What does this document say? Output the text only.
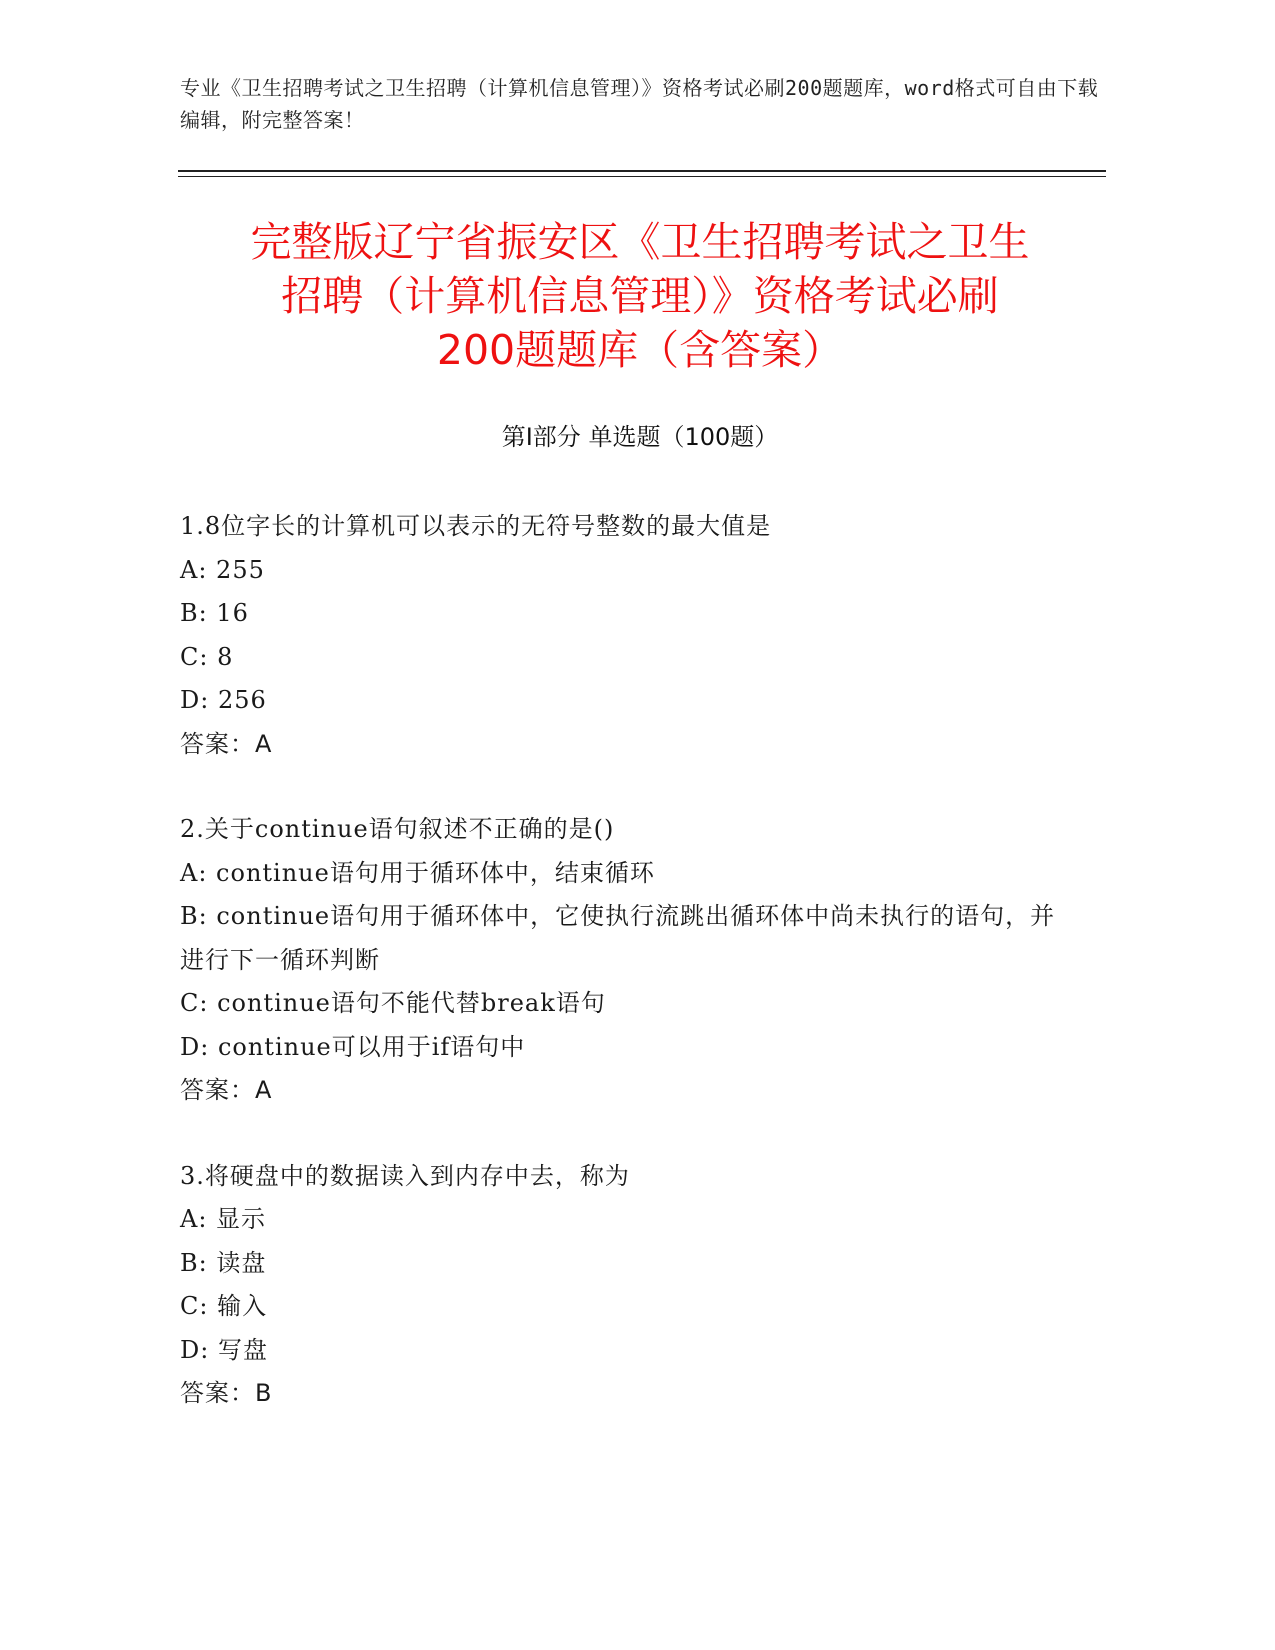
专业《卫生招聘考试之卫生招聘（计算机信息管理）》资格考试必刷200题题库，word格式可自由下载编辑，附完整答案！
完整版辽宁省振安区《卫生招聘考试之卫生
招聘（计算机信息管理）》资格考试必刷
200题题库（含答案）
第Ⅰ部分 单选题（100题）
1.8位字长的计算机可以表示的无符号整数的最大值是
A: 255
B: 16
C: 8
D: 256
答案：A
2.关于continue语句叙述不正确的是()
A: continue语句用于循环体中，结束循环
B: continue语句用于循环体中，它使执行流跳出循环体中尚未执行的语句，并进行下一循环判断
C: continue语句不能代替break语句
D: continue可以用于if语句中
答案：A
3.将硬盘中的数据读入到内存中去，称为
A: 显示
B: 读盘
C: 输入
D: 写盘
答案：B
